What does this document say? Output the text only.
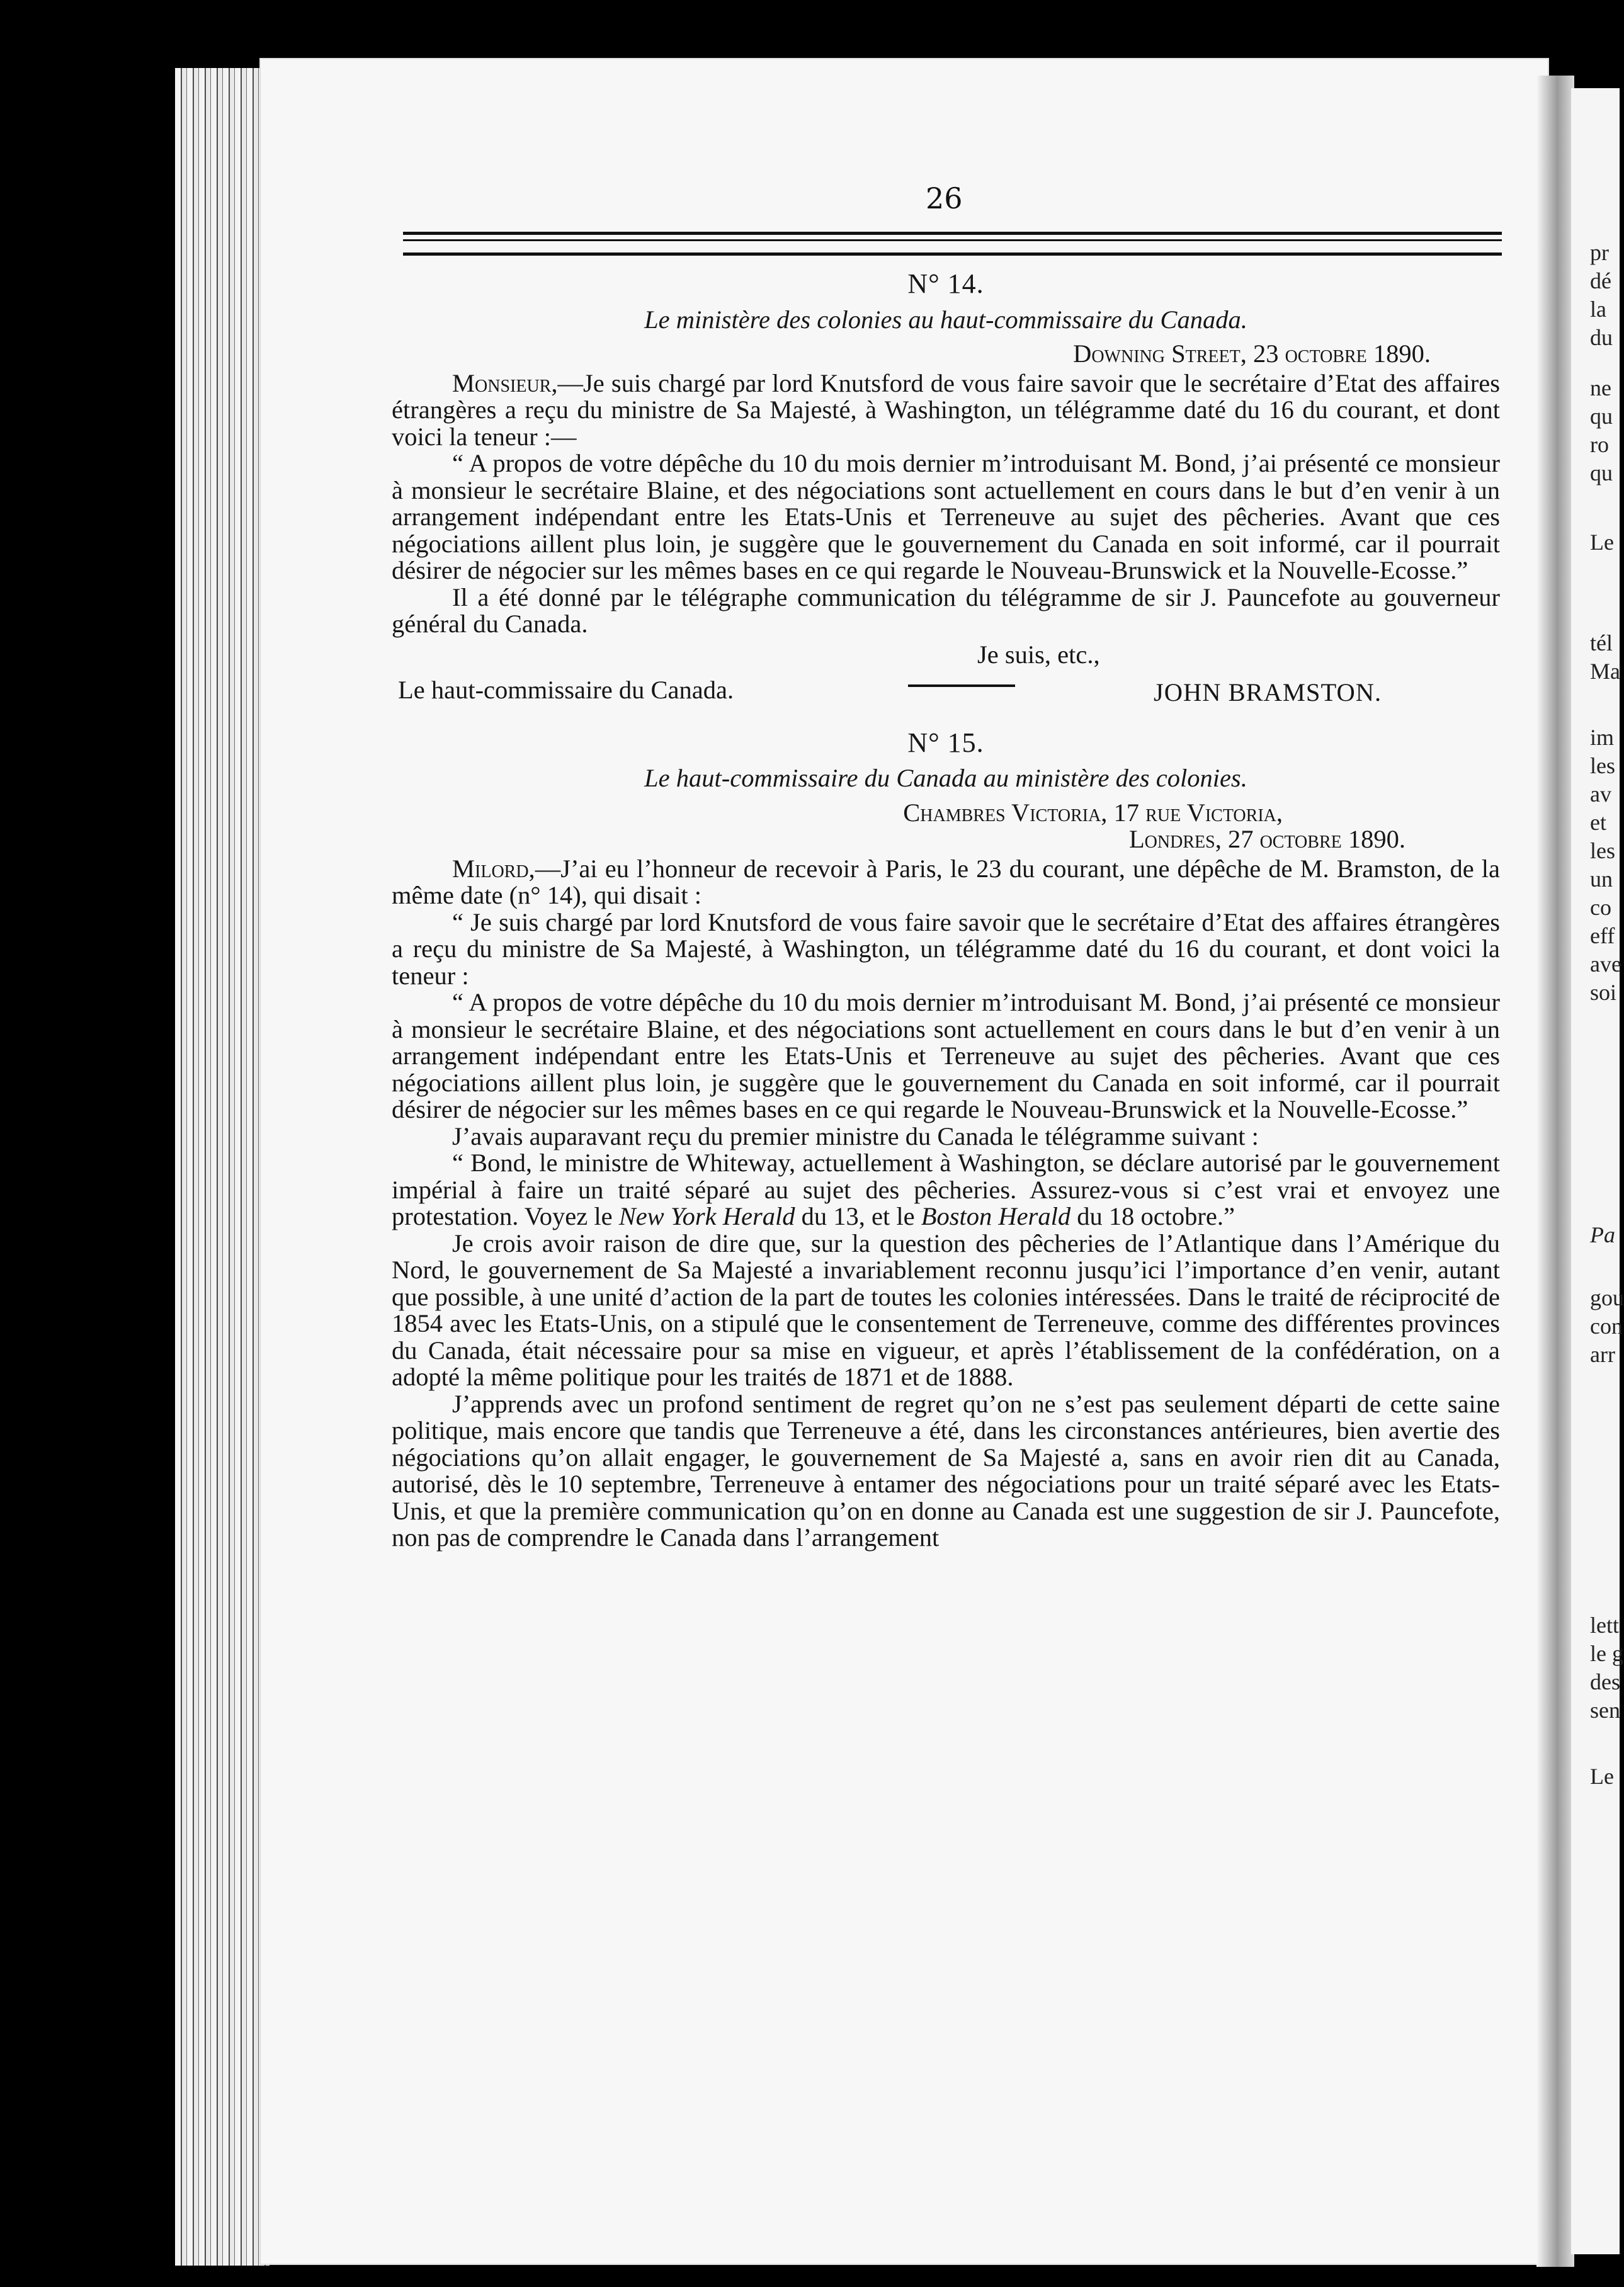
pr
dé
la
du
ne
qu
ro
qu
Le
tél
Ma
im
les
av
et
les
un
co
eff
ave
soi
Pa
gou
con
arr
lett
le g
des
sen
Le
26

N° 14.

Le ministère des colonies au haut-commissaire du Canada.

Downing Street, 23 octobre 1890.

Monsieur,—Je suis chargé par lord Knutsford de vous faire savoir que le secrétaire d’Etat des affaires étrangères a reçu du ministre de Sa Majesté, à Washington, un télégramme daté du 16 du courant, et dont voici la teneur :—

“ A propos de votre dépêche du 10 du mois dernier m’introduisant M. Bond, j’ai présenté ce monsieur à monsieur le secrétaire Blaine, et des négociations sont actuellement en cours dans le but d’en venir à un arrangement indépendant entre les Etats-Unis et Terreneuve au sujet des pêcheries. Avant que ces négociations aillent plus loin, je suggère que le gouvernement du Canada en soit informé, car il pourrait désirer de négocier sur les mêmes bases en ce qui regarde le Nouveau-Brunswick et la Nouvelle-Ecosse.”

Il a été donné par le télégraphe communication du télégramme de sir J. Pauncefote au gouverneur général du Canada.

Je suis, etc.,
Le haut-commissaire du Canada.	JOHN BRAMSTON.

N° 15.

Le haut-commissaire du Canada au ministère des colonies.

Chambres Victoria, 17 rue Victoria,

Londres, 27 octobre 1890.

Milord,—J’ai eu l’honneur de recevoir à Paris, le 23 du courant, une dépêche de M. Bramston, de la même date (n° 14), qui disait :

“ Je suis chargé par lord Knutsford de vous faire savoir que le secrétaire d’Etat des affaires étrangères a reçu du ministre de Sa Majesté, à Washington, un télégramme daté du 16 du courant, et dont voici la teneur :

“ A propos de votre dépêche du 10 du mois dernier m’introduisant M. Bond, j’ai présenté ce monsieur à monsieur le secrétaire Blaine, et des négociations sont actuellement en cours dans le but d’en venir à un arrangement indépendant entre les Etats-Unis et Terreneuve au sujet des pêcheries. Avant que ces négociations aillent plus loin, je suggère que le gouvernement du Canada en soit informé, car il pourrait désirer de négocier sur les mêmes bases en ce qui regarde le Nouveau-Brunswick et la Nouvelle-Ecosse.”

J’avais auparavant reçu du premier ministre du Canada le télégramme suivant :

“ Bond, le ministre de Whiteway, actuellement à Washington, se déclare autorisé par le gouvernement impérial à faire un traité séparé au sujet des pêcheries. Assurez-vous si c’est vrai et envoyez une protestation. Voyez le New York Herald du 13, et le Boston Herald du 18 octobre.”

Je crois avoir raison de dire que, sur la question des pêcheries de l’Atlantique dans l’Amérique du Nord, le gouvernement de Sa Majesté a invariablement reconnu jusqu’ici l’importance d’en venir, autant que possible, à une unité d’action de la part de toutes les colonies intéressées. Dans le traité de réciprocité de 1854 avec les Etats-Unis, on a stipulé que le consentement de Terreneuve, comme des différentes provinces du Canada, était nécessaire pour sa mise en vigueur, et après l’établissement de la confédération, on a adopté la même politique pour les traités de 1871 et de 1888.

J’apprends avec un profond sentiment de regret qu’on ne s’est pas seulement départi de cette saine politique, mais encore que tandis que Terreneuve a été, dans les circonstances antérieures, bien avertie des négociations qu’on allait engager, le gouvernement de Sa Majesté a, sans en avoir rien dit au Canada, autorisé, dès le 10 septembre, Terreneuve à entamer des négociations pour un traité séparé avec les Etats-Unis, et que la première communication qu’on en donne au Canada est une suggestion de sir J. Pauncefote, non pas de comprendre le Canada dans l’arrangement
